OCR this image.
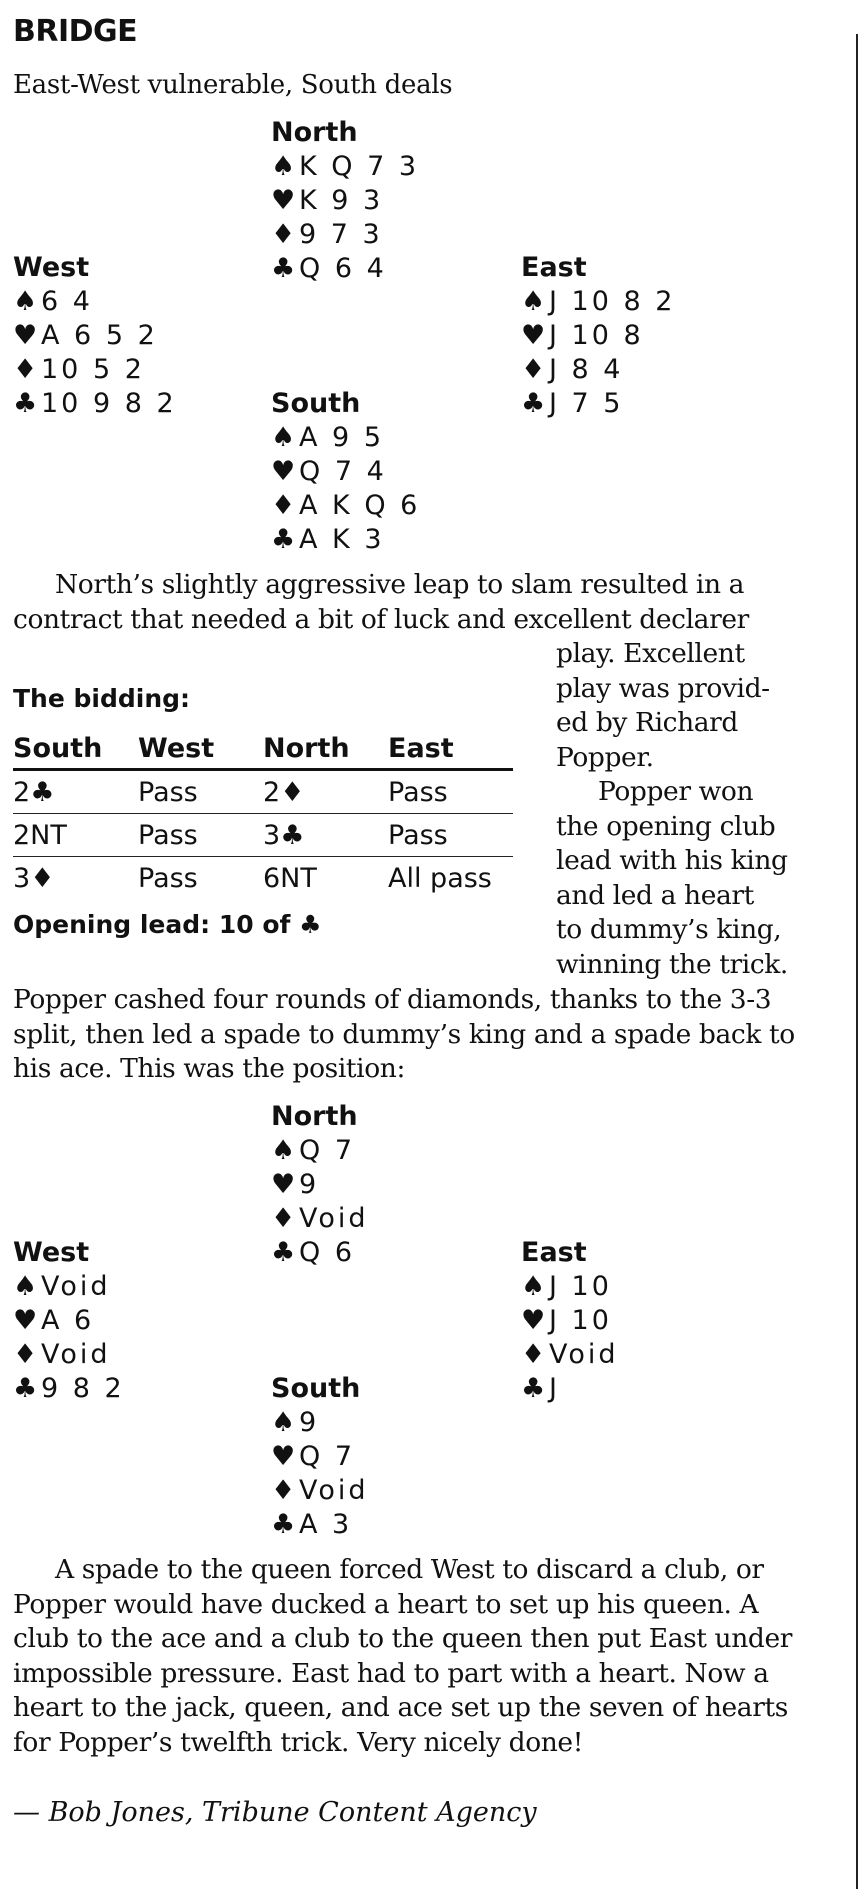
BRIDGE
East-West vulnerable, South deals
North
♠ K Q 7 3
♥ K 9 3
♦ 9 7 3
♣ Q 6 4
West
♠ 6 4
♥ A 6 5 2
♦ 10 5 2
♣ 10 9 8 2
East
♠ J 10 8 2
♥ J 10 8
♦ J 8 4
♣ J 7 5
South
♠ A 9 5
♥ Q 7 4
♦ A K Q 6
♣ A K 3
North’s slightly aggressive leap to slam resulted in a
contract that needed a bit of luck and excellent declarer
play. Excellent
play was provid-
ed by Richard
Popper.
Popper won
the opening club
lead with his king
and led a heart
to dummy’s king,
winning the trick.
The bidding:
South	West	North	East
2♣	Pass	2♦	Pass
2NT	Pass	3♣	Pass
3♦	Pass	6NT	All pass
Opening lead: 10 of ♣
Popper cashed four rounds of diamonds, thanks to the 3-3
split, then led a spade to dummy’s king and a spade back to
his ace. This was the position:
North
♠ Q 7
♥ 9
♦ Void
♣ Q 6
West
♠ Void
♥ A 6
♦ Void
♣ 9 8 2
East
♠ J 10
♥ J 10
♦ Void
♣ J
South
♠ 9
♥ Q 7
♦ Void
♣ A 3
A spade to the queen forced West to discard a club, or
Popper would have ducked a heart to set up his queen. A
club to the ace and a club to the queen then put East under
impossible pressure. East had to part with a heart. Now a
heart to the jack, queen, and ace set up the seven of hearts
for Popper’s twelfth trick. Very nicely done!
— Bob Jones, Tribune Content Agency
